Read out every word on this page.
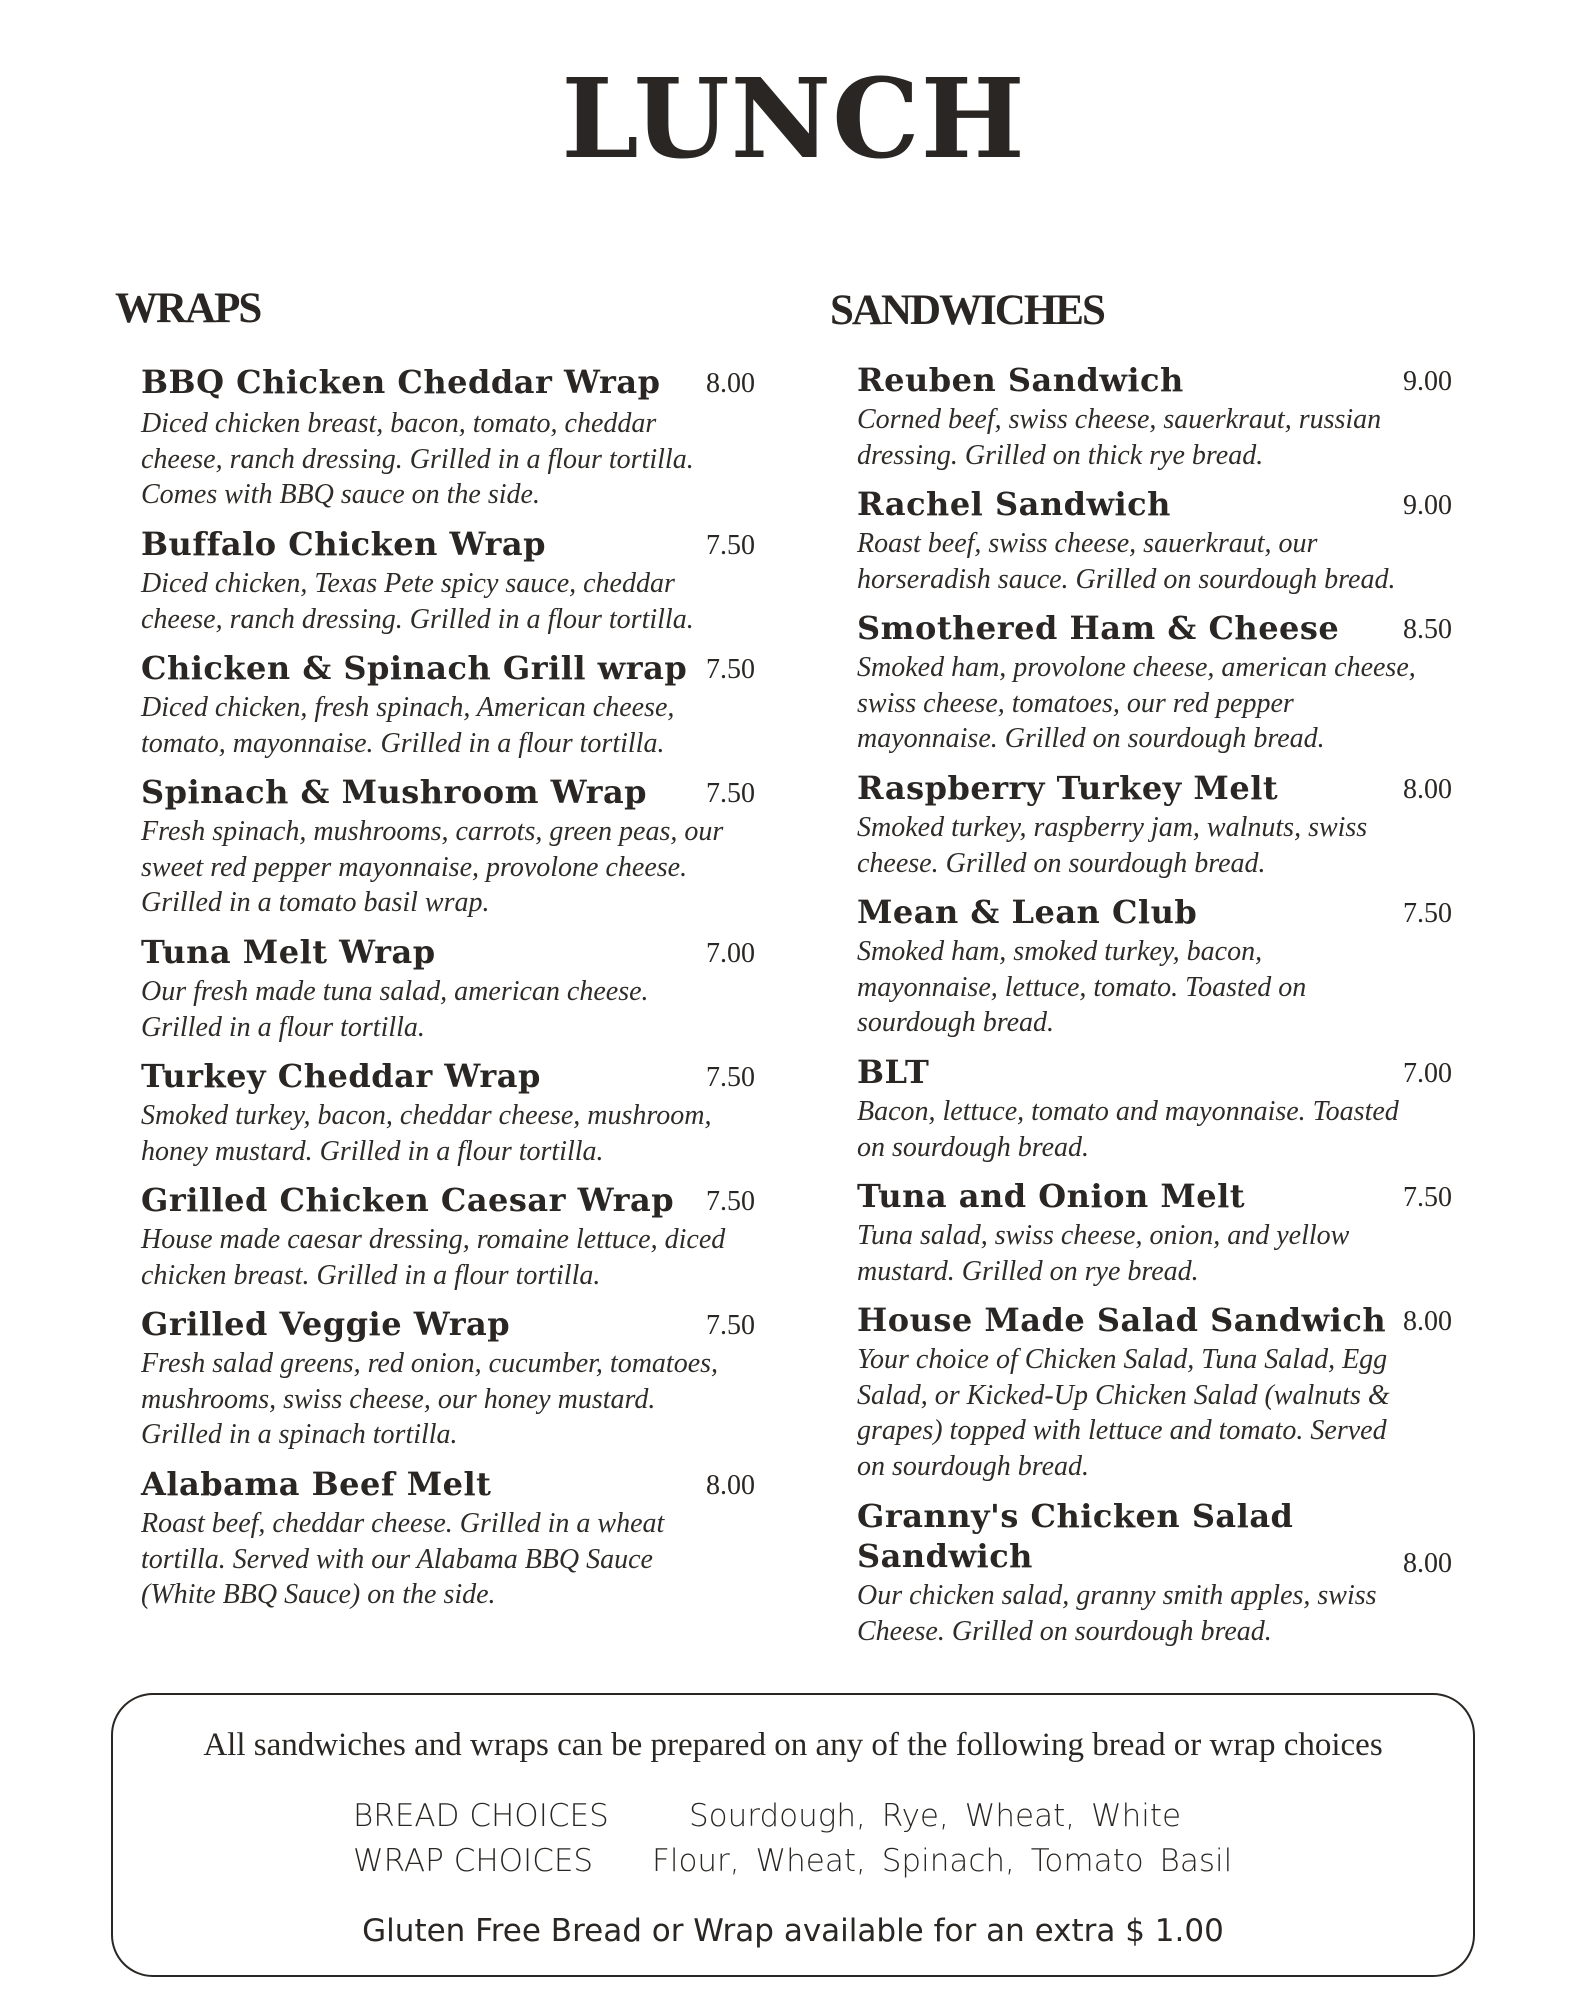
LUNCH
WRAPS
BBQ Chicken Cheddar Wrap 8.00
Diced chicken breast, bacon, tomato, cheddar
cheese, ranch dressing. Grilled in a flour tortilla.
Comes with BBQ sauce on the side.
Buffalo Chicken Wrap	7.50
Diced chicken, Texas Pete spicy sauce, cheddar
cheese, ranch dressing. Grilled in a flour tortilla.
Chicken & Spinach Grill wrap 7.50
Diced chicken, fresh spinach, American cheese,
tomato, mayonnaise. Grilled in a flour tortilla.
Spinach & Mushroom Wrap 7.50
Fresh spinach, mushrooms, carrots, green peas, our
sweet red pepper mayonnaise, provolone cheese.
Grilled in a tomato basil wrap.
Tuna Melt Wrap	7.00
Our fresh made tuna salad, american cheese.
Grilled in a flour tortilla.
Turkey Cheddar Wrap	7.50
Smoked turkey, bacon, cheddar cheese, mushroom,
honey mustard. Grilled in a flour tortilla.
Grilled Chicken Caesar Wrap 7.50
House made caesar dressing, romaine lettuce, diced
chicken breast. Grilled in a flour tortilla.
Grilled Veggie Wrap	7.50
Fresh salad greens, red onion, cucumber, tomatoes,
mushrooms, swiss cheese, our honey mustard.
Grilled in a spinach tortilla.
Alabama Beef Melt	8.00
Roast beef, cheddar cheese. Grilled in a wheat
tortilla. Served with our Alabama BBQ Sauce
(White BBQ Sauce) on the side.
SANDWICHES
Reuben Sandwich	9.00
Corned beef, swiss cheese, sauerkraut, russian
dressing. Grilled on thick rye bread.
Rachel Sandwich	9.00
Roast beef, swiss cheese, sauerkraut, our
horseradish sauce. Grilled on sourdough bread.
Smothered Ham & Cheese 8.50
Smoked ham, provolone cheese, american cheese,
swiss cheese, tomatoes, our red pepper
mayonnaise. Grilled on sourdough bread.
Raspberry Turkey Melt	8.00
Smoked turkey, raspberry jam, walnuts, swiss
cheese. Grilled on sourdough bread.
Mean & Lean Club	7.50
Smoked ham, smoked turkey, bacon,
mayonnaise, lettuce, tomato. Toasted on
sourdough bread.
BLT	7.00
Bacon, lettuce, tomato and mayonnaise. Toasted
on sourdough bread.
Tuna and Onion Melt	7.50
Tuna salad, swiss cheese, onion, and yellow
mustard. Grilled on rye bread.
House Made Salad Sandwich 8.00
Your choice of Chicken Salad, Tuna Salad, Egg
Salad, or Kicked-Up Chicken Salad (walnuts &
grapes) topped with lettuce and tomato. Served
on sourdough bread.
Granny's Chicken Salad
Sandwich	8.00
Our chicken salad, granny smith apples, swiss
Cheese. Grilled on sourdough bread.
All sandwiches and wraps can be prepared on any of the following bread or wrap choices
BREAD CHOICES	Sourdough, Rye, Wheat, White
WRAP CHOICES Flour, Wheat, Spinach, Tomato Basil
Gluten Free Bread or Wrap available for an extra $ 1.00
